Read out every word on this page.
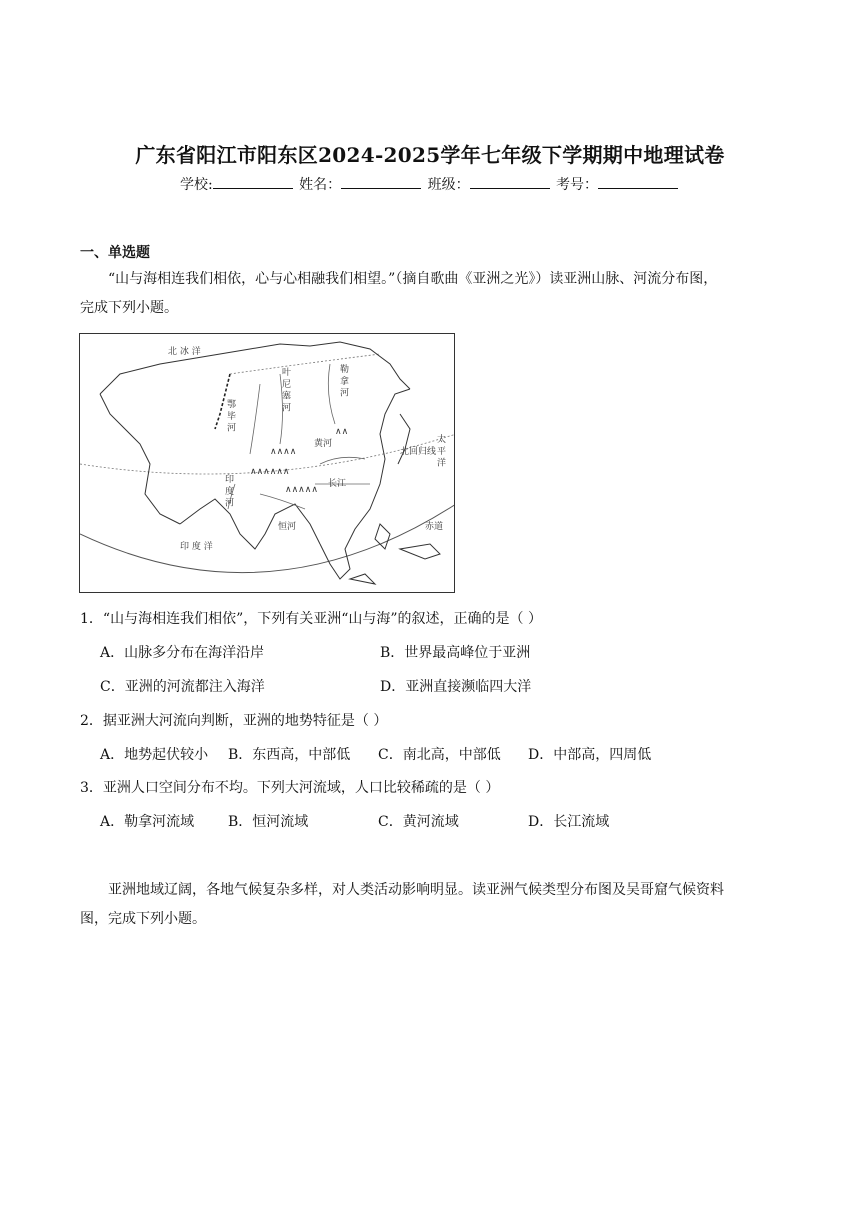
广东省阳江市阳东区2024-2025学年七年级下学期期中地理试卷
学校:	姓名：	班级：	考号：
一、单选题
“山与海相连我们相依，心与心相融我们相望。”（摘自歌曲《亚洲之光》）读亚洲山脉、河流分布图，
完成下列小题。
∧∧∧∧
∧∧∧∧∧∧
∧∧∧∧∧
∧∧
北 冰 洋
叶 尼 塞 河	勒 拿 河
鄂 毕 河
黄河	太 平 洋
北回归线
印 度 河
恒河
长江
印 度 洋
赤道
1．“山与海相连我们相依”，下列有关亚洲“山与海”的叙述，正确的是（ ）
A．山脉多分布在海洋沿岸	B．世界最高峰位于亚洲
C．亚洲的河流都注入海洋	D．亚洲直接濒临四大洋
2．据亚洲大河流向判断，亚洲的地势特征是（ ）
A．地势起伏较小 B．东西高，中部低 C．南北高，中部低 D．中部高，四周低
3．亚洲人口空间分布不均。下列大河流域，人口比较稀疏的是（ ）
A．勒拿河流域 B．恒河流域	C．黄河流域	D．长江流域
亚洲地域辽阔，各地气候复杂多样，对人类活动影响明显。读亚洲气候类型分布图及吴哥窟气候资料
图，完成下列小题。
